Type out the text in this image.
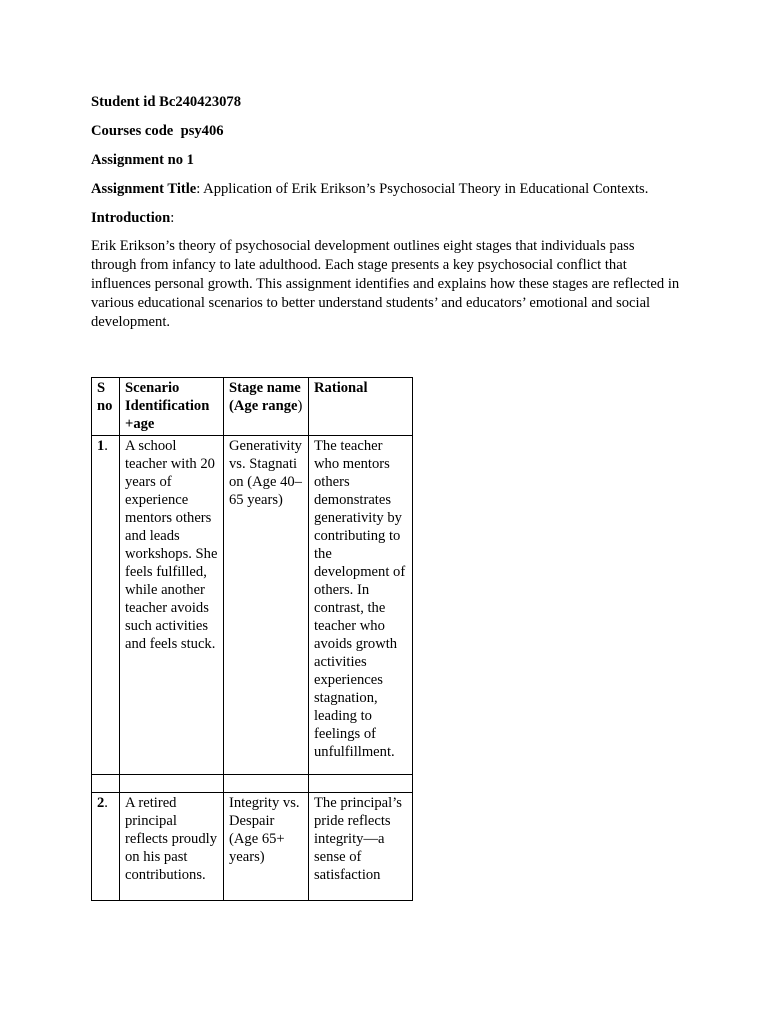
Student id Bc240423078
Courses code  psy406
Assignment no 1
Assignment Title: Application of Erik Erikson’s Psychosocial Theory in Educational Contexts.
Introduction:

Erik Erikson’s theory of psychosocial development outlines eight stages that individuals pass through from infancy to late adulthood. Each stage presents a key psychosocial conflict that influences personal growth. This assignment identifies and explains how these stages are reflected in various educational scenarios to better understand students’ and educators’ emotional and social development.

S no	Scenario Identification +age	Stage name (Age range)	Rational
1.	A school teacher with 20 years of experience mentors others and leads workshops. She feels fulfilled, while another teacher avoids such activities and feels stuck.	Generativity vs. Stagnation (Age 40–65 years)	The teacher who mentors others demonstrates generativity by contributing to the development of others. In contrast, the teacher who avoids growth activities experiences stagnation, leading to feelings of unfulfillment.

2.	A retired principal reflects proudly on his past contributions.	Integrity vs. Despair (Age 65+ years)	The principal’s pride reflects integrity—a sense of satisfaction
